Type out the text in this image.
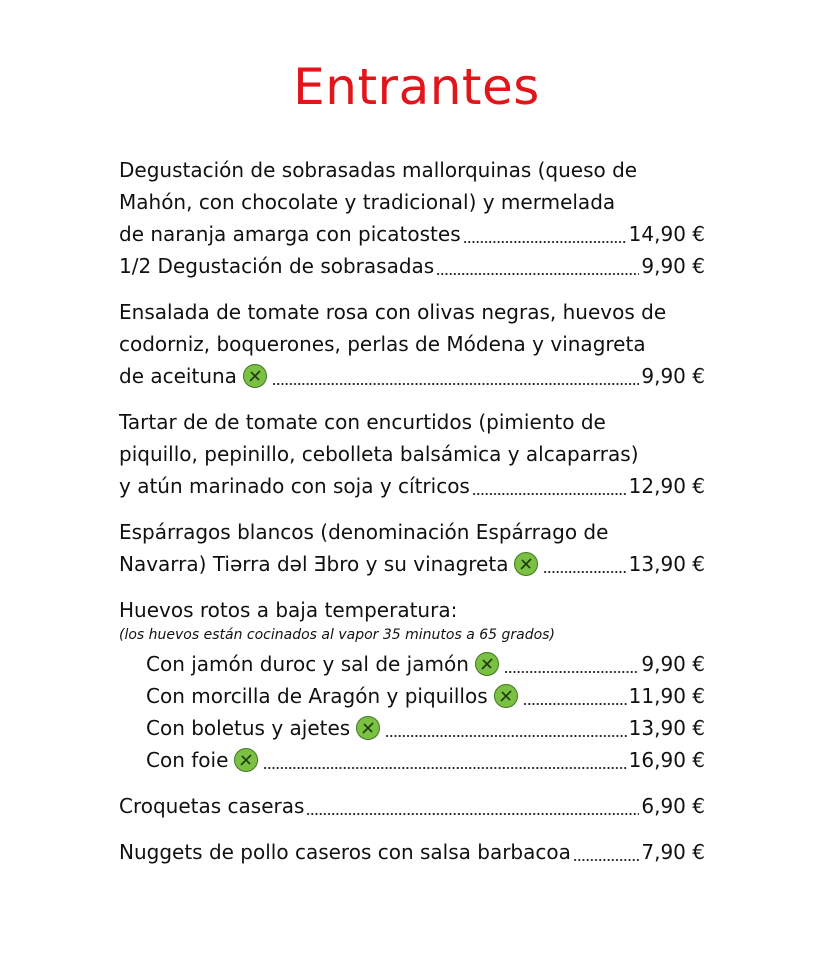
Entrantes
Degustación de sobrasadas mallorquinas (queso de
Mahón, con chocolate y tradicional) y mermelada
de naranja amarga con picatostes	14,90 €
1/2 Degustación de sobrasadas	9,90 €
Ensalada de tomate rosa con olivas negras, huevos de
codorniz, boquerones, perlas de Módena y vinagreta
de aceituna	9,90 €
Tartar de de tomate con encurtidos (pimiento de
piquillo, pepinillo, cebolleta balsámica y alcaparras)
y atún marinado con soja y cítricos	12,90 €
Espárragos blancos (denominación Espárrago de
Navarra) Tiərra dəl Ǝbro y su vinagreta	13,90 €
Huevos rotos a baja temperatura:
(los huevos están cocinados al vapor 35 minutos a 65 grados)
Con jamón duroc y sal de jamón	9,90 €
Con morcilla de Aragón y piquillos	11,90 €
Con boletus y ajetes	13,90 €
Con foie	16,90 €
Croquetas caseras	6,90 €
Nuggets de pollo caseros con salsa barbacoa	7,90 €
